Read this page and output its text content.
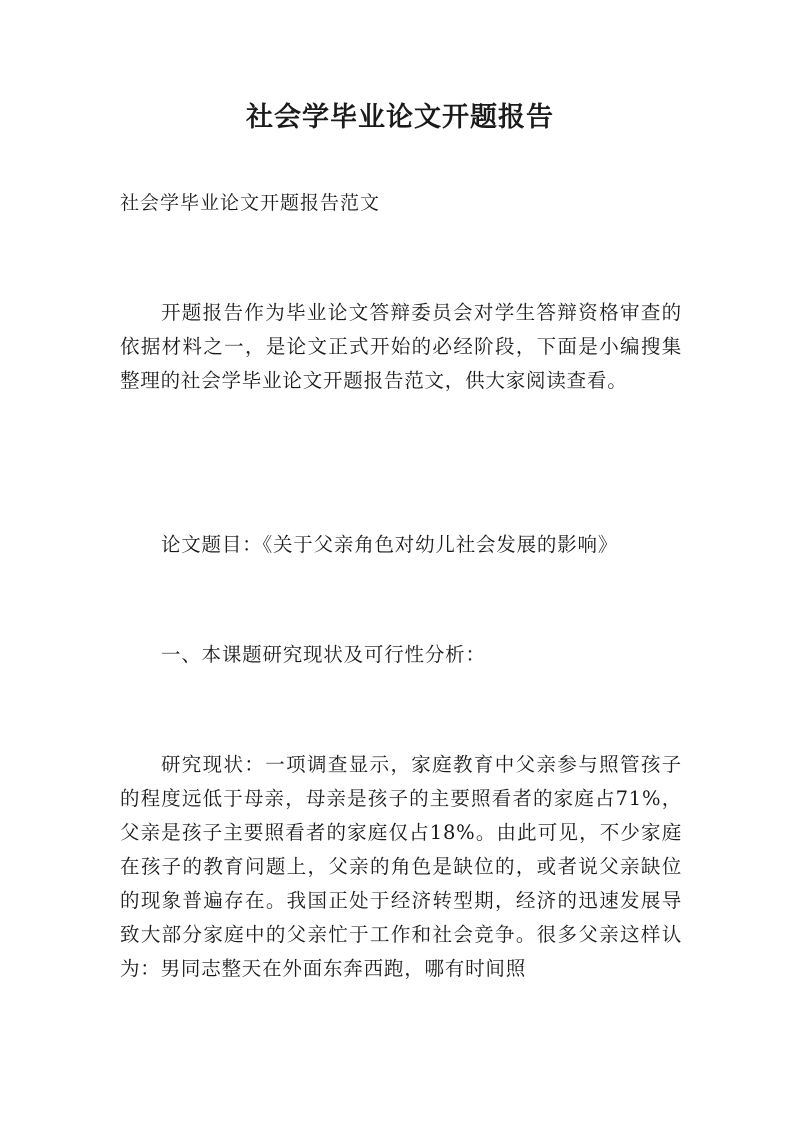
社会学毕业论文开题报告

社会学毕业论文开题报告范文

开题报告作为毕业论文答辩委员会对学生答辩资格审查的依据材料之一，是论文正式开始的必经阶段，下面是小编搜集整理的社会学毕业论文开题报告范文，供大家阅读查看。

论文题目：《关于父亲角色对幼儿社会发展的影响》

一、本课题研究现状及可行性分析：

研究现状：一项调查显示，家庭教育中父亲参与照管孩子的程度远低于母亲，母亲是孩子的主要照看者的家庭占71%，父亲是孩子主要照看者的家庭仅占18%。由此可见，不少家庭在孩子的教育问题上，父亲的角色是缺位的，或者说父亲缺位的现象普遍存在。我国正处于经济转型期，经济的迅速发展导致大部分家庭中的父亲忙于工作和社会竞争。很多父亲这样认为：男同志整天在外面东奔西跑，哪有时间照
